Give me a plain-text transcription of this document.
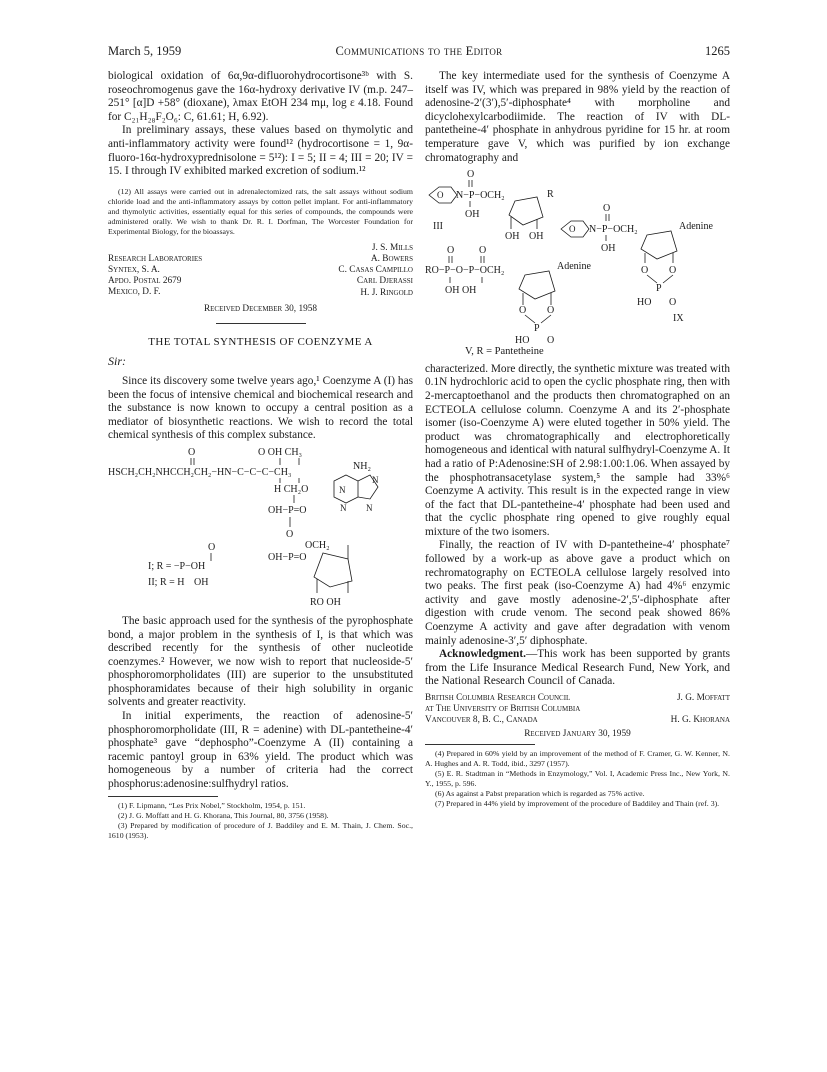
March 5, 1959	Communications to the Editor	1265

biological oxidation of 6α,9α-difluorohydrocortisone³ᵇ with S. roseochromogenus gave the 16α-hydroxy derivative IV (m.p. 247–251° [α]D +58° (dioxane), λmax EtOH 234 mμ, log ε 4.18. Found for C₂₁H₂₈F₂O₆: C, 61.61; H, 6.92).

In preliminary assays, these values based on thymolytic and anti-inflammatory activity were found¹² (hydrocortisone = 1, 9α-fluoro-16α-hydroxyprednisolone = 5¹²): I = 5; II = 4; III = 20; IV = 15. I through IV exhibited marked excretion of sodium.¹²

(12) All assays were carried out in adrenalectomized rats, the salt assays without sodium chloride load and the anti-inflammatory assays by cotton pellet implant. For anti-inflammatory and thymolytic activities, essentially equal for this series of compounds, the compounds were administered orally. We wish to thank Dr. R. I. Dorfman, The Worcester Foundation for Experimental Biology, for the bioassays.

J. S. Mills
A. Bowers
C. Casas Campillo
Carl Djerassi
H. J. Ringold
Research Laboratories
Syntex, S. A.
Apdo. Postal 2679
Mexico, D. F.
Received December 30, 1958
THE TOTAL SYNTHESIS OF COENZYME A
Sir:

Since its discovery some twelve years ago,¹ Coenzyme A (I) has been the focus of intensive chemical and biochemical research and the substance is now known to occupy a central position as a mediator of biosynthetic reactions. We wish to record the total chemical synthesis of this complex substance.

O	O OH CH₃
HSCH₂CH₂NHCCH₂CH₂−HN−C−C−C−CH₃
NH₂
H CH₂O	N
N
N N
OH−P=O
O
O	OCH₂
OH−P=O
I; R = −P−OH
II; R = H OH
RO OH

The basic approach used for the synthesis of the pyrophosphate bond, a major problem in the synthesis of I, is that which was described recently for the synthesis of other nucleotide coenzymes.² However, we now wish to report that nucleoside-5′ phosphoromorpholidates (III) are superior to the unsubstituted phosphoramidates because of their high solubility in organic solvents and greater reactivity.

In initial experiments, the reaction of adenosine-5′ phosphoromorpholidate (III, R = adenine) with DL-pantetheine-4′ phosphate³ gave “dephospho”-Coenzyme A (II) containing a racemic pantoyl group in 63% yield. The product which was homogeneous by a number of criteria had the correct phosphorus:adenosine:sulfhydryl ratios.

(1) F. Lipmann, “Les Prix Nobel,” Stockholm, 1954, p. 151.

(2) J. G. Moffatt and H. G. Khorana, This Journal, 80, 3756 (1958).

(3) Prepared by modification of procedure of J. Baddiley and E. M. Thain, J. Chem. Soc., 1610 (1953).

The key intermediate used for the synthesis of Coenzyme A itself was IV, which was prepared in 98% yield by the reaction of adenosine-2′(3′),5′-diphosphate⁴ with morpholine and dicyclohexylcarbodiimide. The reaction of IV with DL-pantetheine-4′ phosphate in anhydrous pyridine for 15 hr. at room temperature gave V, which was purified by ion exchange chromatography and

O
O N−P−OCH₂
OH
III
R
OH OH
O
O N−P−OCH₂	Adenine
OH
O O
P
HO O
IX
O O
RO−P−O−P−OCH₂	Adenine
OH OH
O O
P
HO O
V, R = Pantetheine

characterized. More directly, the synthetic mixture was treated with 0.1N hydrochloric acid to open the cyclic phosphate ring, then with 2-mercaptoethanol and the products then chromatographed on an ECTEOLA cellulose column. Coenzyme A and its 2′-phosphate isomer (iso-Coenzyme A) were eluted together in 50% yield. The product was chromatographically and electrophoretically homogeneous and identical with natural sulfhydryl-Coenzyme A. It had a ratio of P:Adenosine:SH of 2.98:1.00:1.06. When assayed by the phosphotransacetylase system,⁵ the sample had 33%⁶ Coenzyme A activity. This result is in the expected range in view of the fact that DL-pantetheine-4′ phosphate had been used and that the cyclic phosphate ring opened to give roughly equal mixture of the two isomers.

Finally, the reaction of IV with D-pantetheine-4′ phosphate⁷ followed by a work-up as above gave a product which on rechromatography on ECTEOLA cellulose largely resolved into two peaks. The first peak (iso-Coenzyme A) had 4%⁶ enzymic activity and gave mostly adenosine-2′,5′-diphosphate after digestion with crude venom. The second peak showed 86% Coenzyme A activity and gave after degradation with venom mainly adenosine-3′,5′ diphosphate.

Acknowledgment.—This work has been supported by grants from the Life Insurance Medical Research Fund, New York, and the National Research Council of Canada.

British Columbia Research Council	J. G. Moffatt
at The University of British Columbia
Vancouver 8, B. C., Canada	H. G. Khorana
Received January 30, 1959

(4) Prepared in 60% yield by an improvement of the method of F. Cramer, G. W. Kenner, N. A. Hughes and A. R. Todd, ibid., 3297 (1957).

(5) E. R. Stadtman in “Methods in Enzymology,” Vol. I, Academic Press Inc., New York, N. Y., 1955, p. 596.

(6) As against a Pabst preparation which is regarded as 75% active.

(7) Prepared in 44% yield by improvement of the procedure of Baddiley and Thain (ref. 3).
